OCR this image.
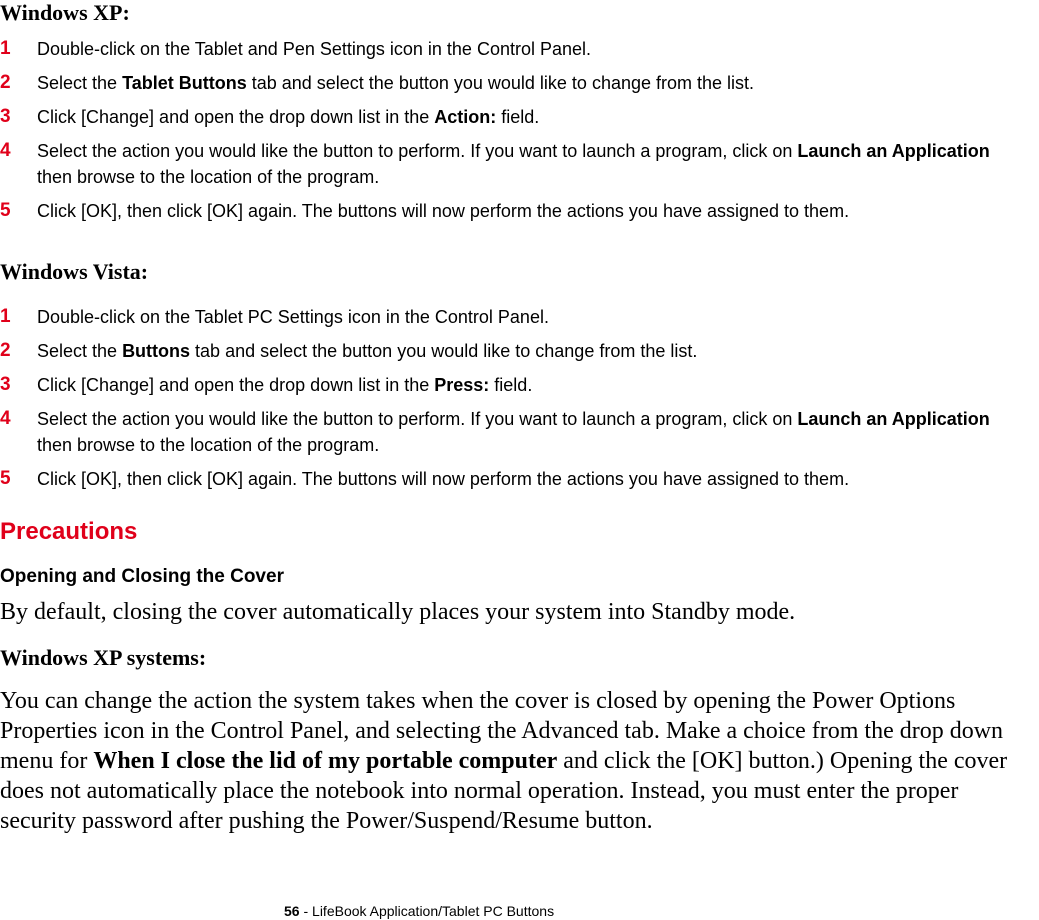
Windows XP:
1 Double-click on the Tablet and Pen Settings icon in the Control Panel.
2 Select the Tablet Buttons tab and select the button you would like to change from the list.
3 Click [Change] and open the drop down list in the Action: field.
4 Select the action you would like the button to perform. If you want to launch a program, click on Launch an Application then browse to the location of the program.
5 Click [OK], then click [OK] again. The buttons will now perform the actions you have assigned to them.
Windows Vista:
1 Double-click on the Tablet PC Settings icon in the Control Panel.
2 Select the Buttons tab and select the button you would like to change from the list.
3 Click [Change] and open the drop down list in the Press: field.
4 Select the action you would like the button to perform. If you want to launch a program, click on Launch an Application then browse to the location of the program.
5 Click [OK], then click [OK] again. The buttons will now perform the actions you have assigned to them.
Precautions
Opening and Closing the Cover

By default, closing the cover automatically places your system into Standby mode.

Windows XP systems:

You can change the action the system takes when the cover is closed by opening the Power Options Properties icon in the Control Panel, and selecting the Advanced tab. Make a choice from the drop down menu for When I close the lid of my portable computer and click the [OK] button.) Opening the cover does not automatically place the notebook into normal operation. Instead, you must enter the proper security password after pushing the Power/Suspend/Resume button.

56 - LifeBook Application/Tablet PC Buttons
